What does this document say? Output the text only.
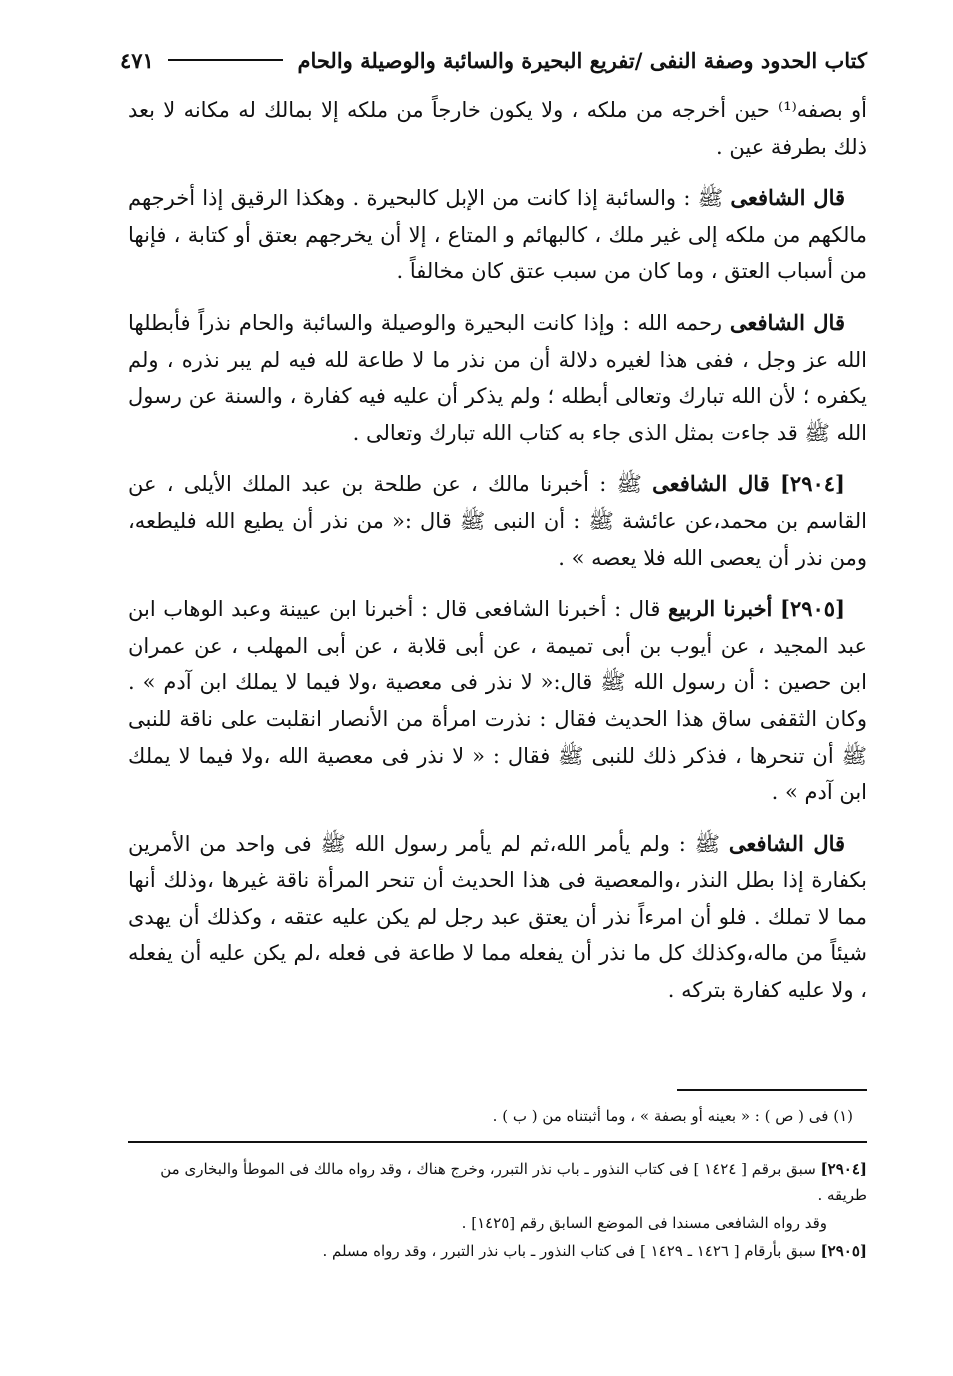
كتاب الحدود وصفة النفى /تفريع البحيرة والسائبة والوصيلة والحام
٤٧١

أو بصفه⁽¹⁾ حين أخرجه من ملكه ، ولا يكون خارجاً من ملكه إلا بمالك له مكانه لا بعد ذلك بطرفة عين .

قال الشافعى ﷺ : والسائبة إذا كانت من الإبل كالبحيرة . وهكذا الرقيق إذا أخرجهم مالكهم من ملكه إلى غير ملك ، كالبهائم و المتاع ، إلا أن يخرجهم بعتق أو كتابة ، فإنها من أسباب العتق ، وما كان من سبب عتق كان مخالفاً .

قال الشافعى رحمه الله : وإذا كانت البحيرة والوصيلة والسائبة والحام نذراً فأبطلها الله عز وجل ، ففى هذا لغيره دلالة أن من نذر ما لا طاعة لله فيه لم يبر نذره ، ولم يكفره ؛ لأن الله تبارك وتعالى أبطله ؛ ولم يذكر أن عليه فيه كفارة ، والسنة عن رسول الله ﷺ قد جاءت بمثل الذى جاء به كتاب الله تبارك وتعالى .

[٢٩٠٤] قال الشافعى ﷺ : أخبرنا مالك ، عن طلحة بن عبد الملك الأيلى ، عن القاسم بن محمد،عن عائشة ﷺ : أن النبى ﷺ قال :« من نذر أن يطيع الله فليطعه، ومن نذر أن يعصى الله فلا يعصه » .

[٢٩٠٥] أخبرنا الربيع قال : أخبرنا الشافعى قال : أخبرنا ابن عيينة وعبد الوهاب ابن عبد المجيد ، عن أيوب بن أبى تميمة ، عن أبى قلابة ، عن أبى المهلب ، عن عمران ابن حصين : أن رسول الله ﷺ قال:« لا نذر فى معصية ،ولا فيما لا يملك ابن آدم » . وكان الثقفى ساق هذا الحديث فقال : نذرت امرأة من الأنصار انقلبت على ناقة للنبى ﷺ أن تنحرها ، فذكر ذلك للنبى ﷺ فقال : « لا نذر فى معصية الله ،ولا فيما لا يملك ابن آدم » .

قال الشافعى ﷺ : ولم يأمر الله،ثم لم يأمر رسول الله ﷺ فى واحد من الأمرين بكفارة إذا بطل النذر ،والمعصية فى هذا الحديث أن تنحر المرأة ناقة غيرها ،وذلك أنها مما لا تملك . فلو أن امرءاً نذر أن يعتق عبد رجل لم يكن عليه عتقه ، وكذلك أن يهدى شيئاً من ماله،وكذلك كل ما نذر أن يفعله مما لا طاعة فى فعله ،لم يكن عليه أن يفعله ، ولا عليه كفارة بتركه .

(١) فى ( ص ) : « بعينه أو بصفة » ، وما أثبتناه من ( ب ) .

[٢٩٠٤] سبق برقم [ ١٤٢٤ ] فى كتاب النذور ـ باب نذر التبرر، وخرج هناك ، وقد رواه مالك فى الموطأ والبخارى من طريقه .

وقد رواه الشافعى مسندا فى الموضع السابق رقم [١٤٢٥] .

[٢٩٠٥] سبق بأرقام [ ١٤٢٦ ـ ١٤٢٩ ] فى كتاب النذور ـ باب نذر التبرر ، وقد رواه مسلم .
